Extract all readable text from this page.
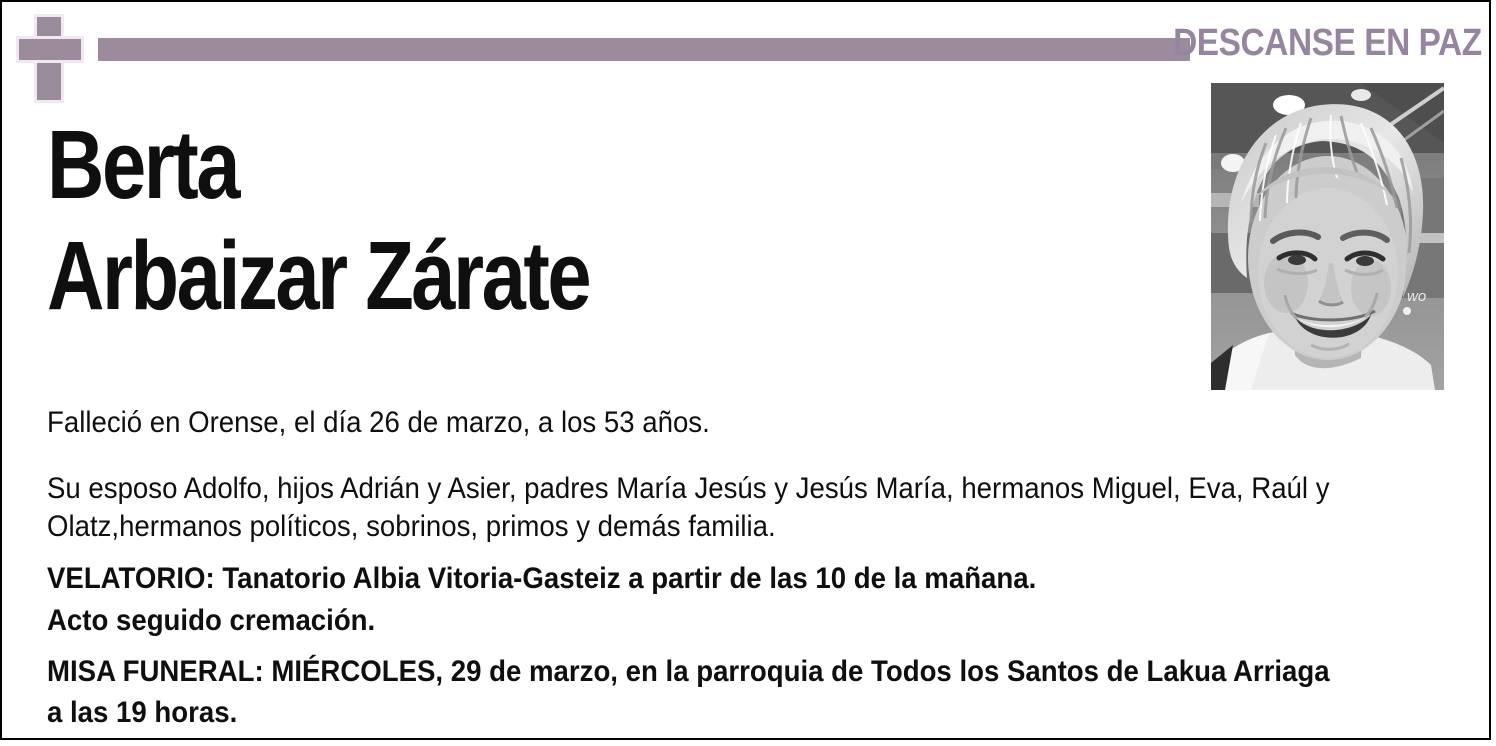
DESCANSE EN PAZ
wo
Berta
Arbaizar Zárate
Falleció en Orense, el día 26 de marzo, a los 53 años.
Su esposo Adolfo, hijos Adrián y Asier, padres María Jesús y Jesús María, hermanos Miguel, Eva, Raúl y
Olatz,hermanos políticos, sobrinos, primos y demás familia.
VELATORIO: Tanatorio Albia Vitoria-Gasteiz a partir de las 10 de la mañana.
Acto seguido cremación.
MISA FUNERAL: MIÉRCOLES, 29 de marzo, en la parroquia de Todos los Santos de Lakua Arriaga
a las 19 horas.
